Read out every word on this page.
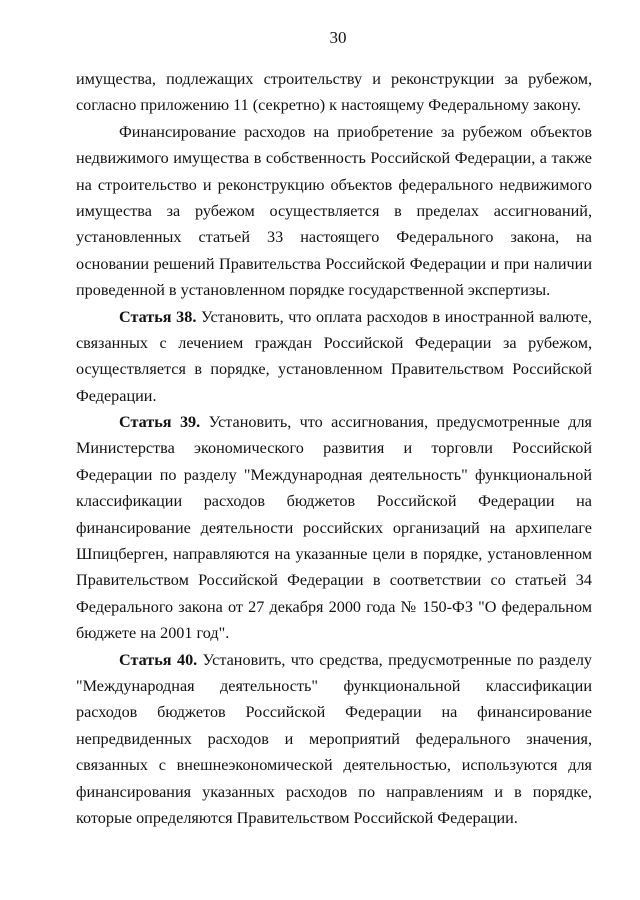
30
имущества, подлежащих строительству и реконструкции за рубежом,
согласно приложению 11 (секретно) к настоящему Федеральному закону.
Финансирование расходов на приобретение за рубежом объектов
недвижимого имущества в собственность Российской Федерации, а также
на строительство и реконструкцию объектов федерального недвижимого
имущества за рубежом осуществляется в пределах ассигнований,
установленных статьей 33 настоящего Федерального закона, на
основании решений Правительства Российской Федерации и при наличии
проведенной в установленном порядке государственной экспертизы.
Статья 38. Установить, что оплата расходов в иностранной валюте,
связанных с лечением граждан Российской Федерации за рубежом,
осуществляется в порядке, установленном Правительством Российской
Федерации.
Статья 39. Установить, что ассигнования, предусмотренные для
Министерства экономического развития и торговли Российской
Федерации по разделу "Международная деятельность" функциональной
классификации расходов бюджетов Российской Федерации на
финансирование деятельности российских организаций на архипелаге
Шпицберген, направляются на указанные цели в порядке, установленном
Правительством Российской Федерации в соответствии со статьей 34
Федерального закона от 27 декабря 2000 года № 150-ФЗ "О федеральном
бюджете на 2001 год".
Статья 40. Установить, что средства, предусмотренные по разделу
"Международная деятельность" функциональной классификации
расходов бюджетов Российской Федерации на финансирование
непредвиденных расходов и мероприятий федерального значения,
связанных с внешнеэкономической деятельностью, используются для
финансирования указанных расходов по направлениям и в порядке,
которые определяются Правительством Российской Федерации.
